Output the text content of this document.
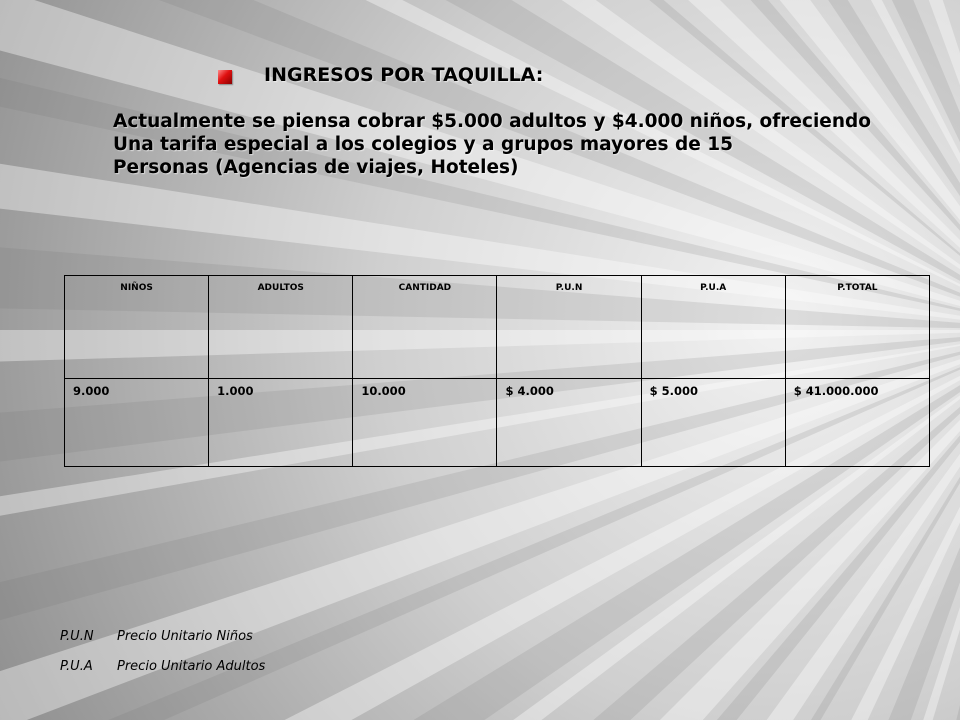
INGRESOS POR TAQUILLA:
Actualmente se piensa cobrar $5.000 adultos y $4.000 niños, ofreciendo
Una tarifa especial a los colegios y a grupos mayores de 15
Personas (Agencias de viajes, Hoteles)
NIÑOS	ADULTOS	CANTIDAD	P.U.N	P.U.A	P.TOTAL
9.000	1.000	10.000	$ 4.000	$ 5.000	$ 41.000.000
P.U.N Precio Unitario Niños
P.U.A Precio Unitario Adultos
